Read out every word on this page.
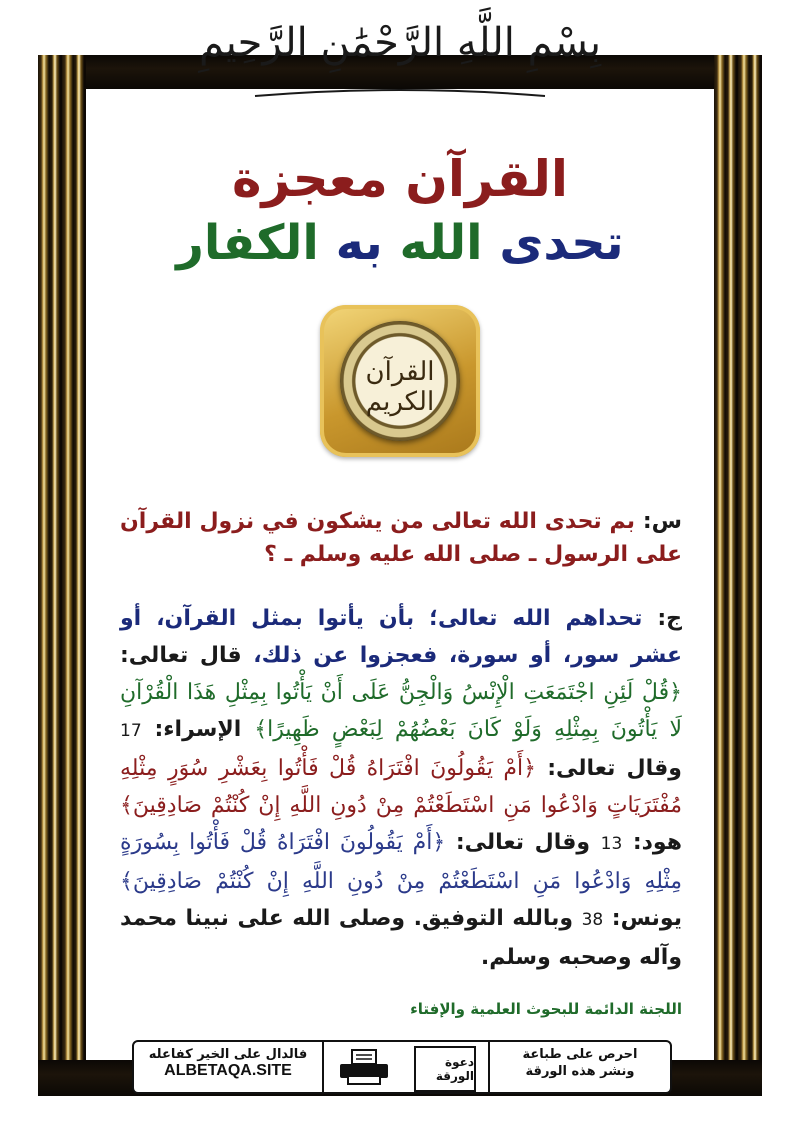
بِسْمِ اللَّهِ الرَّحْمَٰنِ الرَّحِيمِ
القرآن معجزة
تحدى الله به الكفار
القرآن الكريم
س: بم تحدى الله تعالى من يشكون في نزول القرآن على الرسول ـ صلى الله عليه وسلم ـ ؟
ج: تحداهم الله تعالى؛ بأن يأتوا بمثل القرآن، أو عشر سور، أو سورة، فعجزوا عن ذلك، قال تعالى: ﴿قُلْ لَئِنِ اجْتَمَعَتِ الْإِنْسُ وَالْجِنُّ عَلَى أَنْ يَأْتُوا بِمِثْلِ هَذَا الْقُرْآنِ لَا يَأْتُونَ بِمِثْلِهِ وَلَوْ كَانَ بَعْضُهُمْ لِبَعْضٍ ظَهِيرًا﴾ الإسراء: 17 وقال تعالى: ﴿أَمْ يَقُولُونَ افْتَرَاهُ قُلْ فَأْتُوا بِعَشْرِ سُوَرٍ مِثْلِهِ مُفْتَرَيَاتٍ وَادْعُوا مَنِ اسْتَطَعْتُمْ مِنْ دُونِ اللَّهِ إِنْ كُنْتُمْ صَادِقِينَ﴾ هود: 13 وقال تعالى: ﴿أَمْ يَقُولُونَ افْتَرَاهُ قُلْ فَأْتُوا بِسُورَةٍ مِثْلِهِ وَادْعُوا مَنِ اسْتَطَعْتُمْ مِنْ دُونِ اللَّهِ إِنْ كُنْتُمْ صَادِقِينَ﴾ يونس: 38 وبالله التوفيق. وصلى الله على نبينا محمد وآله وصحبه وسلم.
اللجنة الدائمة للبحوث العلمية والإفتاء
فالدال على الخير كفاعله
ALBETAQA.SITE	دعوة الورقة
احرص على طباعة
ونشر هذه الورقة
